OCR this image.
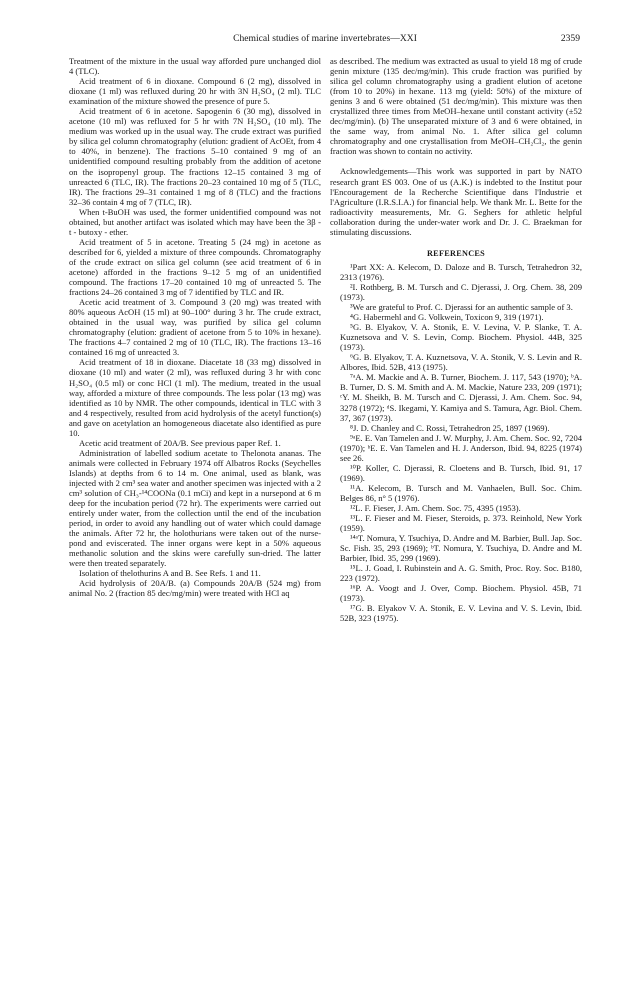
Chemical studies of marine invertebrates—XXI	2359

Treatment of the mixture in the usual way afforded pure unchanged diol 4 (TLC).

Acid treatment of 6 in dioxane. Compound 6 (2 mg), dissolved in dioxane (1 ml) was refluxed during 20 hr with 3N H₂SO₄ (2 ml). TLC examination of the mixture showed the presence of pure 5.

Acid treatment of 6 in acetone. Sapogenin 6 (30 mg), dissolved in acetone (10 ml) was refluxed for 5 hr with 7N H₂SO₄ (10 ml). The medium was worked up in the usual way. The crude extract was purified by silica gel column chromatography (elution: gradient of AcOEt, from 4 to 40%, in benzene). The fractions 5–10 contained 9 mg of an unidentified compound resulting probably from the addition of acetone on the isopropenyl group. The fractions 12–15 contained 3 mg of unreacted 6 (TLC, IR). The fractions 20–23 contained 10 mg of 5 (TLC, IR). The fractions 29–31 contained 1 mg of 8 (TLC) and the fractions 32–36 contain 4 mg of 7 (TLC, IR).

When t-BuOH was used, the former unidentified compound was not obtained, but another artifact was isolated which may have been the 3β - t - butoxy - ether.

Acid treatment of 5 in acetone. Treating 5 (24 mg) in acetone as described for 6, yielded a mixture of three compounds. Chromatography of the crude extract on silica gel column (see acid treatment of 6 in acetone) afforded in the fractions 9–12 5 mg of an unidentified compound. The fractions 17–20 contained 10 mg of unreacted 5. The fractions 24–26 contained 3 mg of 7 identified by TLC and IR.

Acetic acid treatment of 3. Compound 3 (20 mg) was treated with 80% aqueous AcOH (15 ml) at 90–100° during 3 hr. The crude extract, obtained in the usual way, was purified by silica gel column chromatography (elution: gradient of acetone from 5 to 10% in hexane). The fractions 4–7 contained 2 mg of 10 (TLC, IR). The fractions 13–16 contained 16 mg of unreacted 3.

Acid treatment of 18 in dioxane. Diacetate 18 (33 mg) dissolved in dioxane (10 ml) and water (2 ml), was refluxed during 3 hr with conc H₂SO₄ (0.5 ml) or conc HCl (1 ml). The medium, treated in the usual way, afforded a mixture of three compounds. The less polar (13 mg) was identified as 10 by NMR. The other compounds, identical in TLC with 3 and 4 respectively, resulted from acid hydrolysis of the acetyl function(s) and gave on acetylation an homogeneous diacetate also identified as pure 10.

Acetic acid treatment of 20A/B. See previous paper Ref. 1.

Administration of labelled sodium acetate to Thelonota ananas. The animals were collected in February 1974 off Albatros Rocks (Seychelles Islands) at depths from 6 to 14 m. One animal, used as blank, was injected with 2 cm³ sea water and another specimen was injected with a 2 cm³ solution of CH₃-¹⁴COONa (0.1 mCi) and kept in a nursepond at 6 m deep for the incubation period (72 hr). The experiments were carried out entirely under water, from the collection until the end of the incubation period, in order to avoid any handling out of water which could damage the animals. After 72 hr, the holothurians were taken out of the nurse-pond and eviscerated. The inner organs were kept in a 50% aqueous methanolic solution and the skins were carefully sun-dried. The latter were then treated separately.

Isolation of thelothurins A and B. See Refs. 1 and 11.

Acid hydrolysis of 20A/B. (a) Compounds 20A/B (524 mg) from animal No. 2 (fraction 85 dec/mg/min) were treated with HCl aq

as described. The medium was extracted as usual to yield 18 mg of crude genin mixture (135 dec/mg/min). This crude fraction was purified by silica gel column chromatography using a gradient elution of acetone (from 10 to 20%) in hexane. 113 mg (yield: 50%) of the mixture of genins 3 and 6 were obtained (51 dec/mg/min). This mixture was then crystallized three times from MeOH–hexane until constant activity (±52 dec/mg/min). (b) The unseparated mixture of 3 and 6 were obtained, in the same way, from animal No. 1. After silica gel column chromatography and one crystallisation from MeOH–CH₂Cl₂, the genin fraction was shown to contain no activity.

Acknowledgements—This work was supported in part by NATO research grant ES 003. One of us (A.K.) is indebted to the Institut pour l'Encouragement de la Recherche Scientifique dans l'Industrie et l'Agriculture (I.R.S.I.A.) for financial help. We thank Mr. L. Bette for the radioactivity measurements, Mr. G. Seghers for athletic helpful collaboration during the under-water work and Dr. J. C. Braekman for stimulating discussions.

REFERENCES

¹Part XX: A. Kelecom, D. Daloze and B. Tursch, Tetrahedron 32, 2313 (1976).

²I. Rothberg, B. M. Tursch and C. Djerassi, J. Org. Chem. 38, 209 (1973).

³We are grateful to Prof. C. Djerassi for an authentic sample of 3.

⁴G. Habermehl and G. Volkwein, Toxicon 9, 319 (1971).

⁵G. B. Elyakov, V. A. Stonik, E. V. Levina, V. P. Slanke, T. A. Kuznetsova and V. S. Levin, Comp. Biochem. Physiol. 44B, 325 (1973).

⁶G. B. Elyakov, T. A. Kuznetsova, V. A. Stonik, V. S. Levin and R. Albores, Ibid. 52B, 413 (1975).

⁷ᵃA. M. Mackie and A. B. Turner, Biochem. J. 117, 543 (1970); ᵇA. B. Turner, D. S. M. Smith and A. M. Mackie, Nature 233, 209 (1971); ᶜY. M. Sheikh, B. M. Tursch and C. Djerassi, J. Am. Chem. Soc. 94, 3278 (1972); ᵈS. Ikegami, Y. Kamiya and S. Tamura, Agr. Biol. Chem. 37, 367 (1973).

⁸J. D. Chanley and C. Rossi, Tetrahedron 25, 1897 (1969).

⁹ᵃE. E. Van Tamelen and J. W. Murphy, J. Am. Chem. Soc. 92, 7204 (1970); ᵇE. E. Van Tamelen and H. J. Anderson, Ibid. 94, 8225 (1974) see 26.

¹⁰P. Koller, C. Djerassi, R. Cloetens and B. Tursch, Ibid. 91, 17 (1969).

¹¹A. Kelecom, B. Tursch and M. Vanhaelen, Bull. Soc. Chim. Belges 86, n° 5 (1976).

¹²L. F. Fieser, J. Am. Chem. Soc. 75, 4395 (1953).

¹³L. F. Fieser and M. Fieser, Steroids, p. 373. Reinhold, New York (1959).

¹⁴ᵃT. Nomura, Y. Tsuchiya, D. Andre and M. Barbier, Bull. Jap. Soc. Sc. Fish. 35, 293 (1969); ᵇT. Nomura, Y. Tsuchiya, D. Andre and M. Barbier, Ibid. 35, 299 (1969).

¹⁵L. J. Goad, I. Rubinstein and A. G. Smith, Proc. Roy. Soc. B180, 223 (1972).

¹⁶P. A. Voogt and J. Over, Comp. Biochem. Physiol. 45B, 71 (1973).

¹⁷G. B. Elyakov V. A. Stonik, E. V. Levina and V. S. Levin, Ibid. 52B, 323 (1975).
